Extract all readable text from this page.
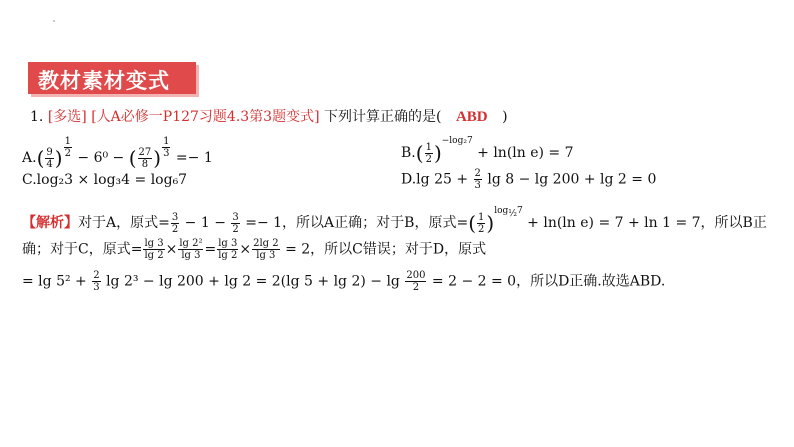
教材素材变式
1. [多选] [人A必修一P127习题4.3第3题变式] 下列计算正确的是( ABD )
$A.( \frac{9}{4}$ ) $^{\frac{1}{2}}$ − 6⁰ − ( $\frac{27}{8}$ ) $^{\frac{1}{3}}$ =− 1	$B.( \frac{1}{2} )^{-log_27} + \ln(\ln$ e) = 7
C.log₂3 × log₃4 = log₆7	D.lg $25 + \frac{2}{3}$ lg 8 − lg 200 + lg 2 = 0
【解析】对于A，原式= $\frac{3}{2} - 1 - \frac{3}{2} =- 1$，所以A正确；对于B，原式=( $\frac{1}{2} )^{log_{\frac{1}{2}}7} + \ln(\ln$ e) = 7 + ln 1 = 7，所以B正
确；对于C，原式= $\frac{\lg 3}{\lg 2} \times \frac{\text{lg 2²}}{\lg 3} = \frac{\lg 3}{\lg 2} \times \frac{2\lg 2}{\lg 3} = 2$，所以C错误；对于D，原式
= $\lg 5^2 + \frac{2}{3}$ lg 2³ − lg 200 + lg 2 = 2(lg $5 + \lg 2) - \lg \frac{200}{2} = 2 - 2 = 0$，所以D正确.故选ABD.
